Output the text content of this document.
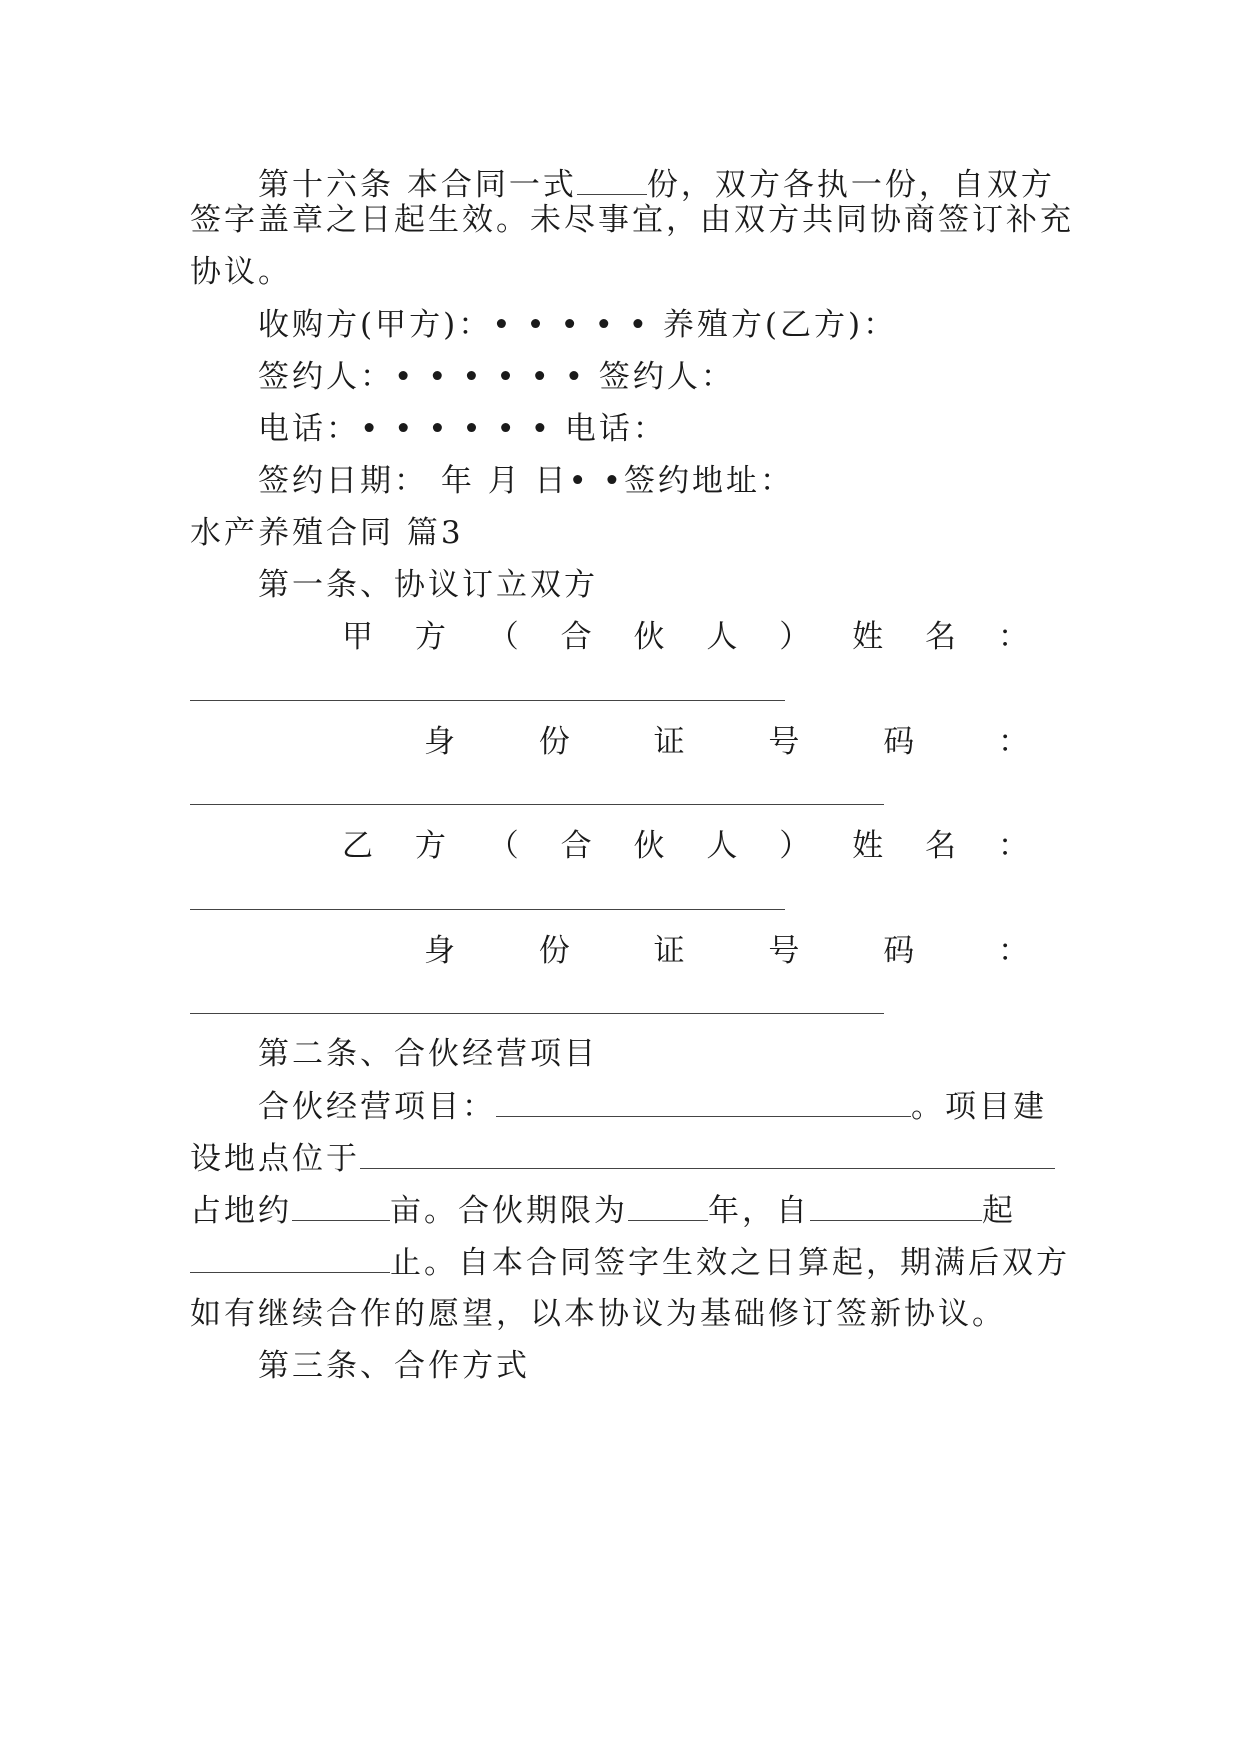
第十六条 本合同一式 份，双方各执一份，自双方
签字盖章之日起生效。未尽事宜，由双方共同协商签订补充
协议。
收购方(甲方)：• • • • • 养殖方(乙方)：
签约人：• • • • • • 签约人：
电话：• • • • • • 电话：
签约日期： 年 月 日• •签约地址：
水产养殖合同 篇3
第一条、协议订立双方
甲 方 （ 合 伙 人 ） 姓 名 ：
身	份	证	号	码	：
乙 方 （ 合 伙 人 ） 姓 名 ：
身	份	证	号	码	：
第二条、合伙经营项目
合伙经营项目：	。项目建
设地点位于
占地约	亩。合伙期限为	年，自	起
止。自本合同签字生效之日算起，期满后双方
如有继续合作的愿望，以本协议为基础修订签新协议。
第三条、合作方式
